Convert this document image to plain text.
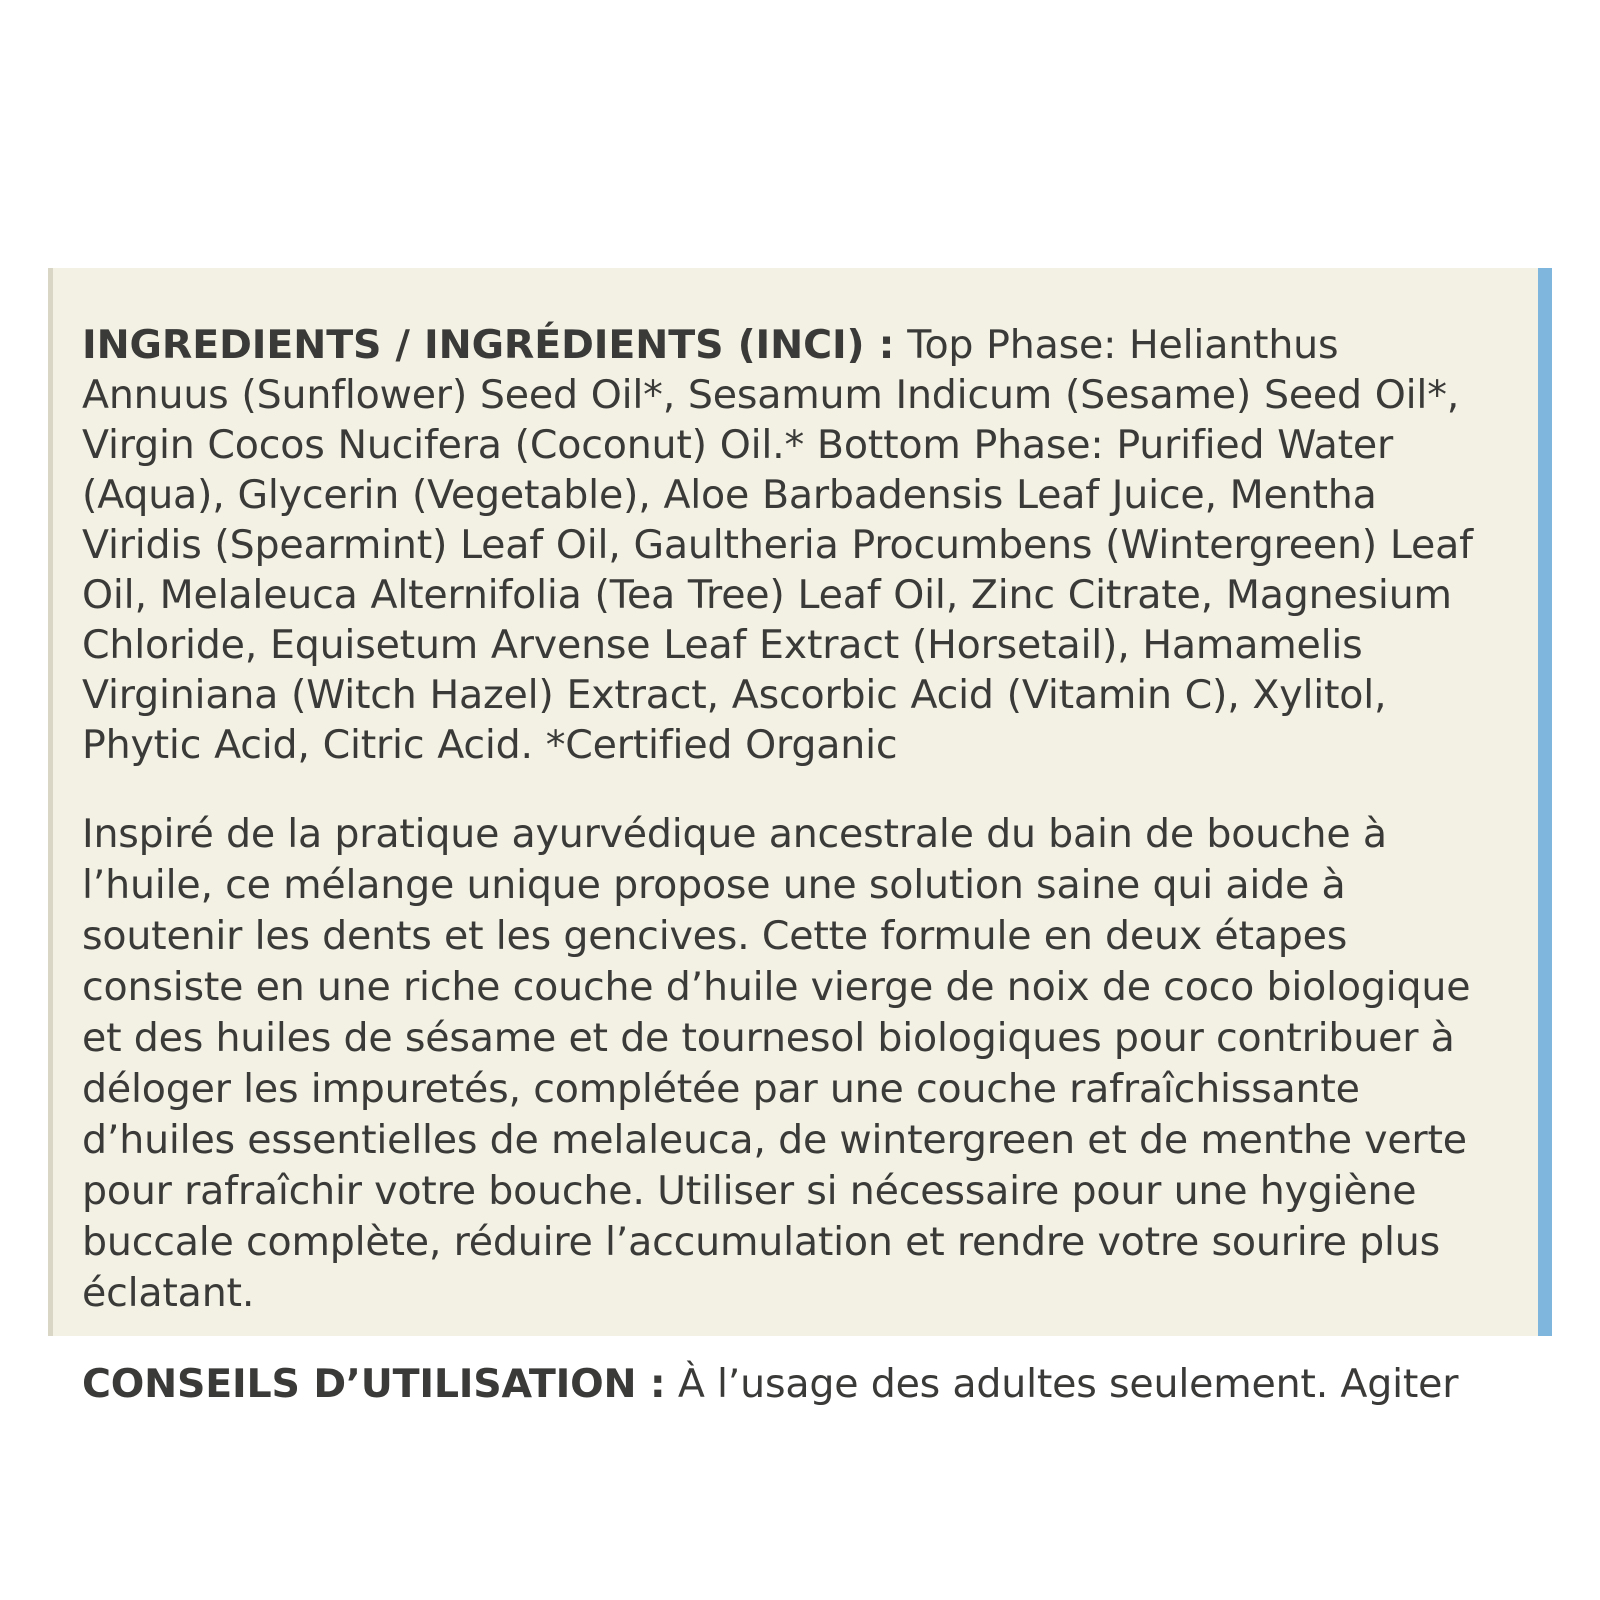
INGREDIENTS / INGRÉDIENTS (INCI) : Top Phase: Helianthus Annuus (Sunflower) Seed Oil*, Sesamum Indicum (Sesame) Seed Oil*, Virgin Cocos Nucifera (Coconut) Oil.* Bottom Phase: Purified Water (Aqua), Glycerin (Vegetable), Aloe Barbadensis Leaf Juice, Mentha Viridis (Spearmint) Leaf Oil, Gaultheria Procumbens (Wintergreen) Leaf Oil, Melaleuca Alternifolia (Tea Tree) Leaf Oil, Zinc Citrate, Magnesium Chloride, Equisetum Arvense Leaf Extract (Horsetail), Hamamelis Virginiana (Witch Hazel) Extract, Ascorbic Acid (Vitamin C), Xylitol, Phytic Acid, Citric Acid. *Certified Organic

Inspiré de la pratique ayurvédique ancestrale du bain de bouche à l’huile, ce mélange unique propose une solution saine qui aide à soutenir les dents et les gencives. Cette formule en deux étapes consiste en une riche couche d’huile vierge de noix de coco biologique et des huiles de sésame et de tournesol biologiques pour contribuer à déloger les impuretés, complétée par une couche rafraîchissante d’huiles essentielles de melaleuca, de wintergreen et de menthe verte pour rafraîchir votre bouche. Utiliser si nécessaire pour une hygiène buccale complète, réduire l’accumulation et rendre votre sourire plus éclatant.

CONSEILS D’UTILISATION : À l’usage des adultes seulement. Agiter
